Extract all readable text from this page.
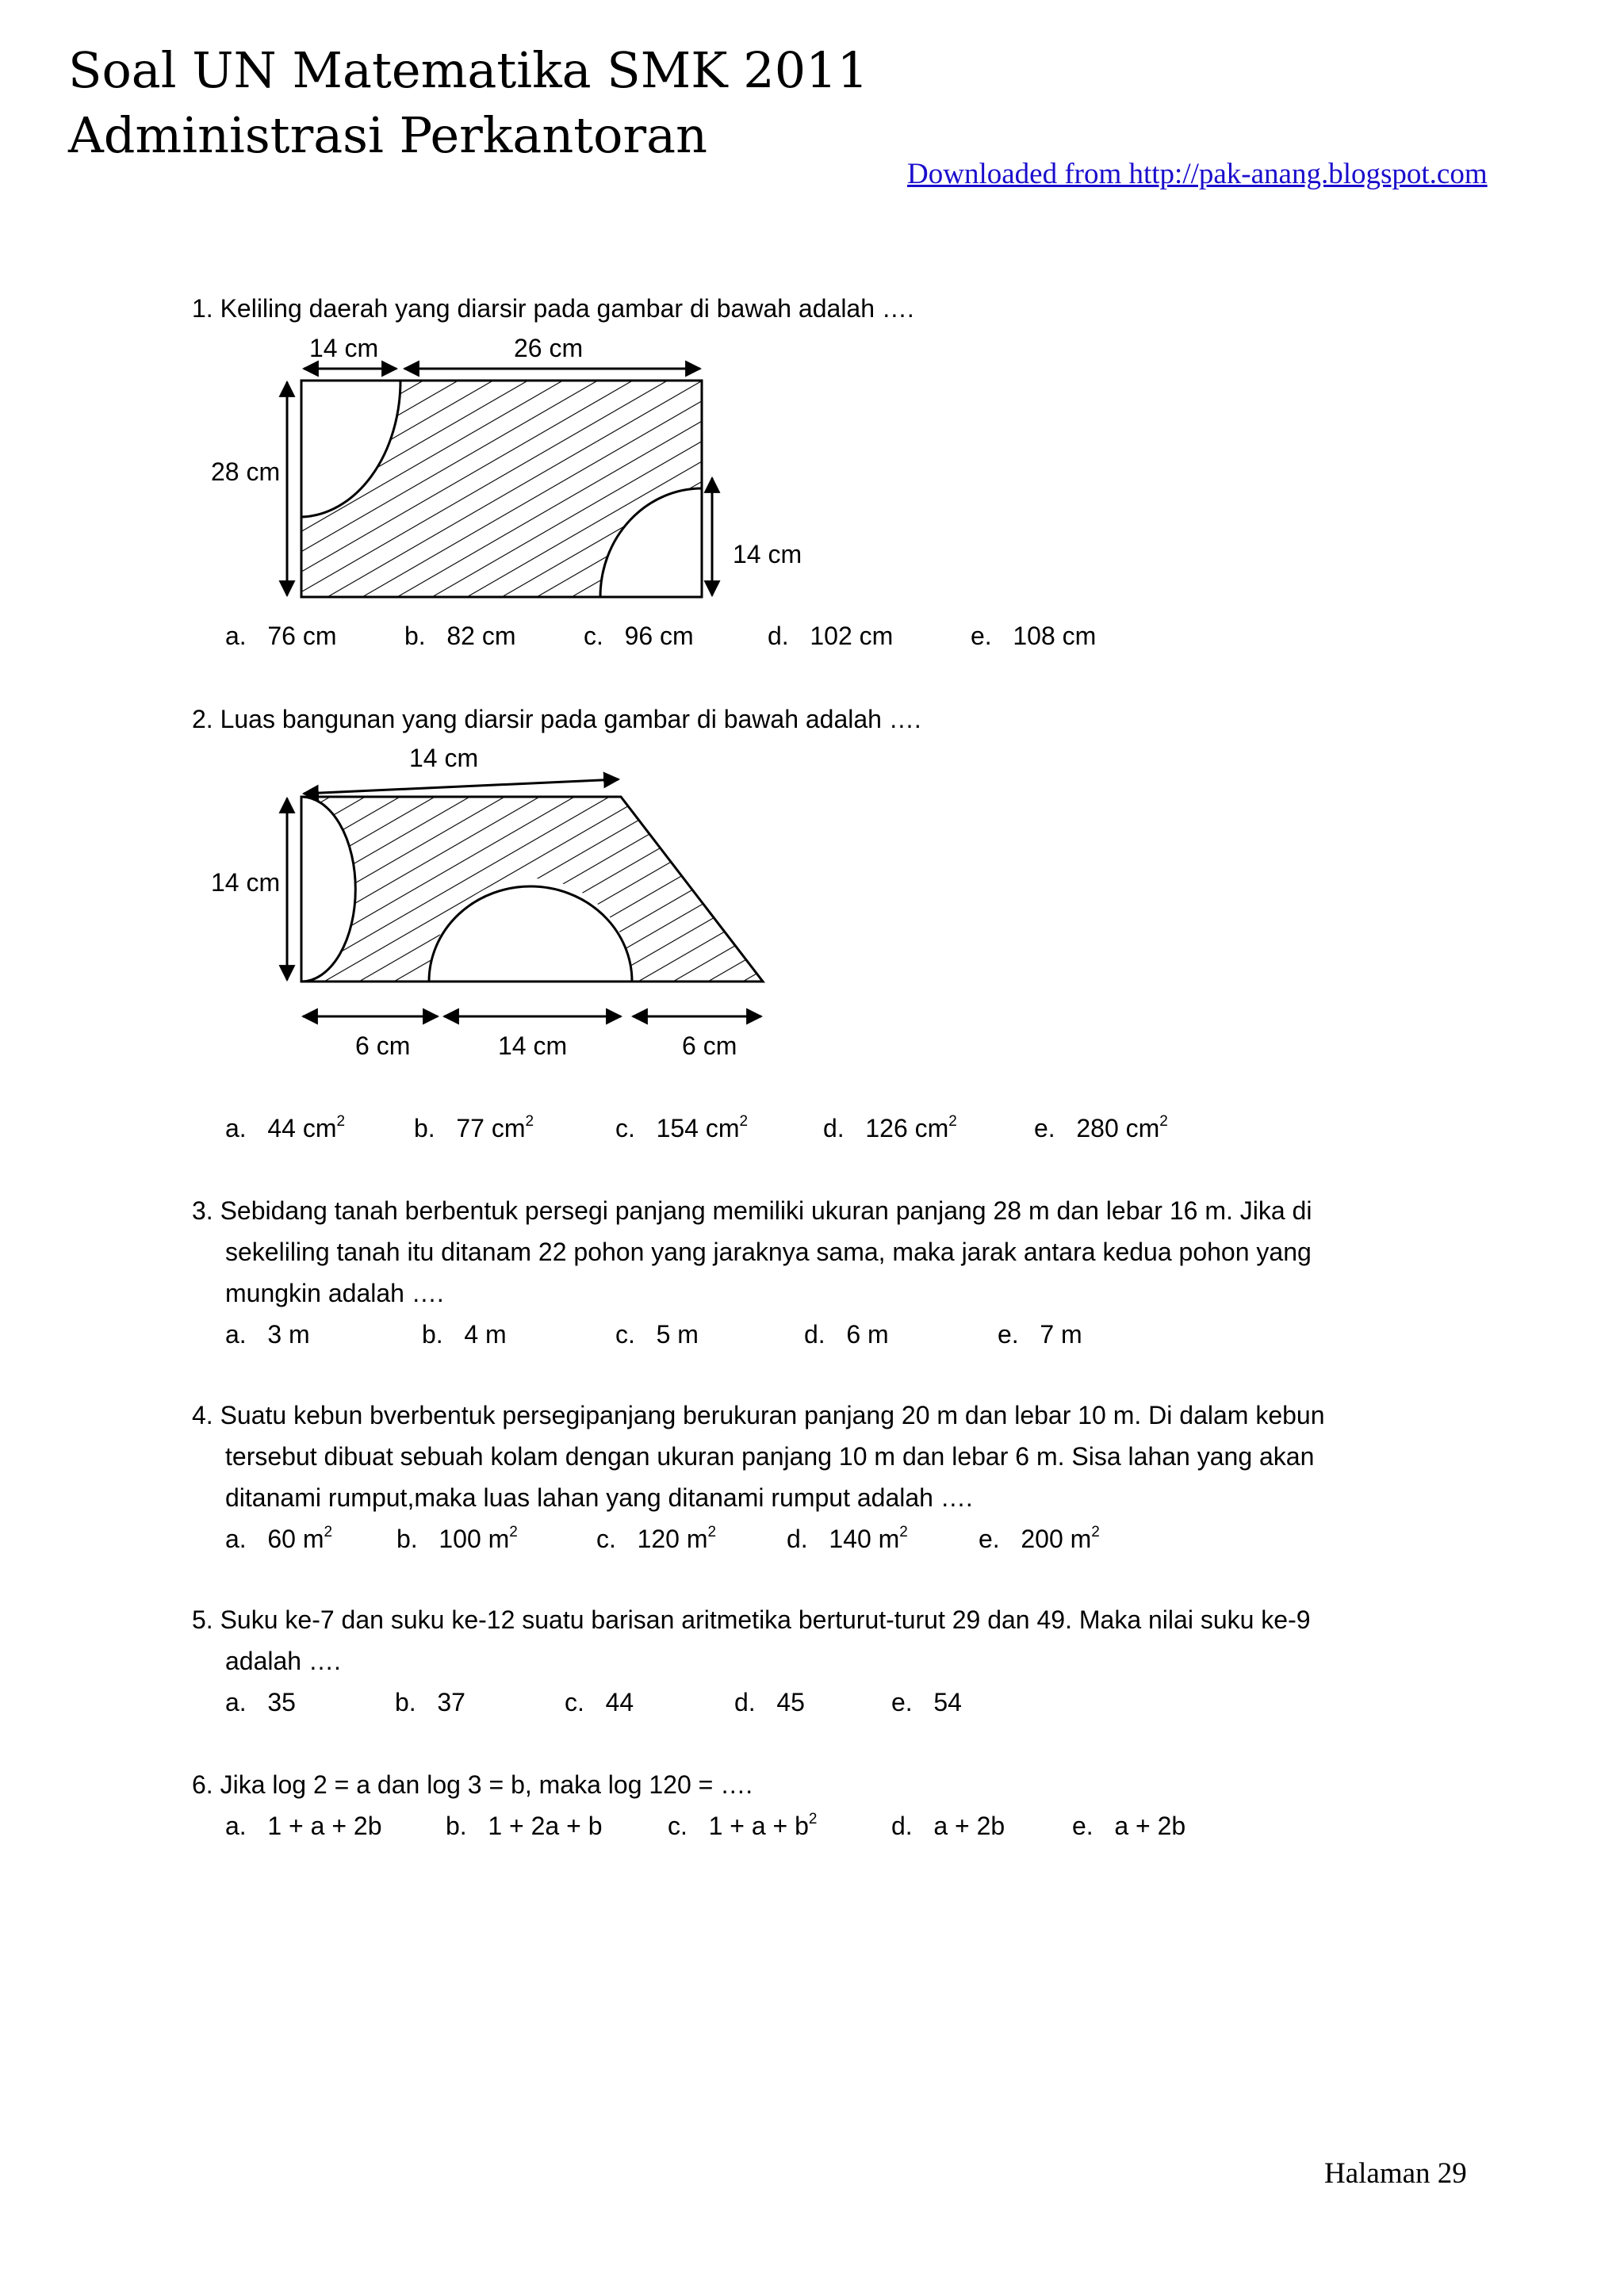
Soal UN Matematika SMK 2011
Administrasi Perkantoran
Downloaded from http://pak-anang.blogspot.com
1. Keliling daerah yang diarsir pada gambar di bawah adalah ….
14 cm	26 cm
28 cm
14 cm
a. 76 cm	b. 82 cm	c. 96 cm	d. 102 cm	e. 108 cm
2. Luas bangunan yang diarsir pada gambar di bawah adalah ….
14 cm
14 cm
6 cm	14 cm	6 cm
a. 44 $cm^2$	b. 77 $cm^2$	c. 154 $cm^2$	d. 126 $cm^2$	e. 280 $cm^2$
3. Sebidang tanah berbentuk persegi panjang memiliki ukuran panjang 28 m dan lebar 16 m. Jika di
sekeliling tanah itu ditanam 22 pohon yang jaraknya sama, maka jarak antara kedua pohon yang
mungkin adalah ….
a. 3 m	b. 4 m	c. 5 m	d. 6 m	e. 7 m
4. Suatu kebun bverbentuk persegipanjang berukuran panjang 20 m dan lebar 10 m. Di dalam kebun
tersebut dibuat sebuah kolam dengan ukuran panjang 10 m dan lebar 6 m. Sisa lahan yang akan
ditanami rumput,maka luas lahan yang ditanami rumput adalah ….
a. 60 $m^2$	b. 100 $m^2$	c. 120 $m^2$	d. 140 $m^2$	e. 200 $m^2$
5. Suku ke-7 dan suku ke-12 suatu barisan aritmetika berturut-turut 29 dan 49. Maka nilai suku ke-9
adalah ….
a. 35	b. 37	c. 44	d. 45	e. 54
6. Jika log 2 = a dan log 3 = b, maka log 120 = ….
a. 1 + a + 2b	b. 1 + 2a + b	c. $1 + a + b^2$	d. a + 2b	e. a + 2b
Halaman 29
